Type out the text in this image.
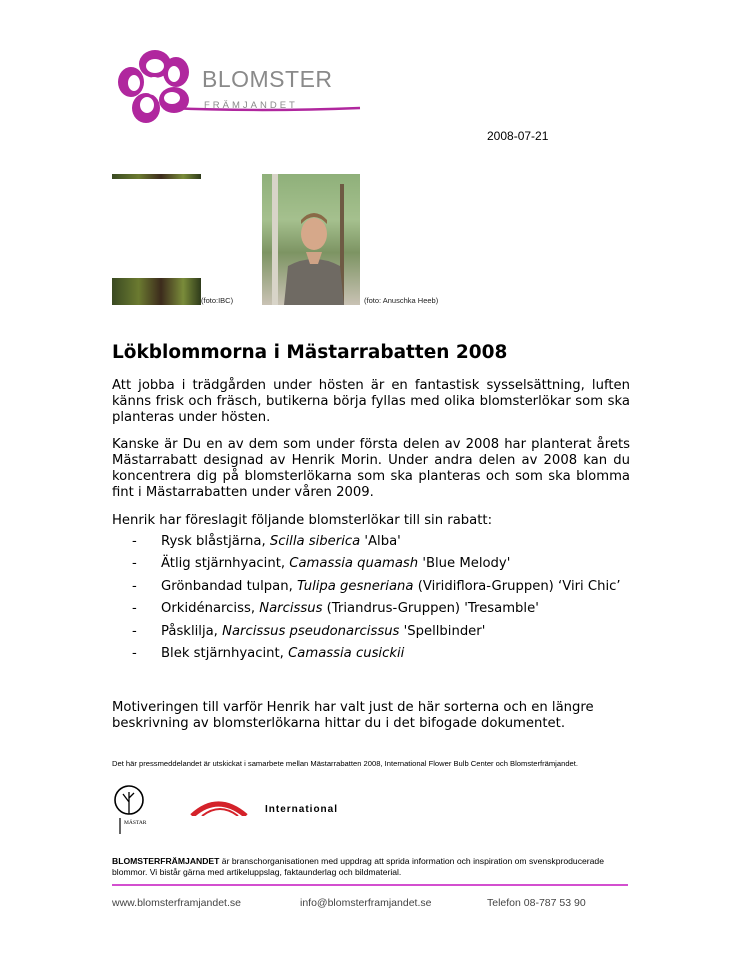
BLOMSTER
FRÄMJANDET
2008-07-21
(foto:IBC)	(foto: Anuschka Heeb)
Lökblommorna i Mästarrabatten 2008
Att jobba i trädgården under hösten är en fantastisk sysselsättning, luften känns frisk och fräsch, butikerna börja fyllas med olika blomsterlökar som ska planteras under hösten.
Kanske är Du en av dem som under första delen av 2008 har planterat årets Mästarrabatt designad av Henrik Morin. Under andra delen av 2008 kan du koncentrera dig på blomsterlökarna som ska planteras och som ska blomma fint i Mästarrabatten under våren 2009.
Henrik har föreslagit följande blomsterlökar till sin rabatt:
- Rysk blåstjärna, Scilla siberica 'Alba'
- Ätlig stjärnhyacint, Camassia quamash 'Blue Melody'
- Grönbandad tulpan, Tulipa gesneriana (Viridiflora-Gruppen) ‘Viri Chic’
- Orkidénarciss, Narcissus (Triandrus-Gruppen) 'Tresamble'
- Påsklilja, Narcissus pseudonarcissus 'Spellbinder'
- Blek stjärnhyacint, Camassia cusickii
Motiveringen till varför Henrik har valt just de här sorterna och en längre beskrivning av blomsterlökarna hittar du i det bifogade dokumentet.
Det här pressmeddelandet är utskickat i samarbete mellan Mästarrabatten 2008, International Flower Bulb Center och Blomsterfrämjandet.
MÄSTAR
International
BLOMSTERFRÄMJANDET är branschorganisationen med uppdrag att sprida information och inspiration om svenskproducerade blommor. Vi bistår gärna med artikeluppslag, faktaunderlag och bildmaterial.
www.blomsterframjandet.se	info@blomsterframjandet.se	Telefon 08-787 53 90
